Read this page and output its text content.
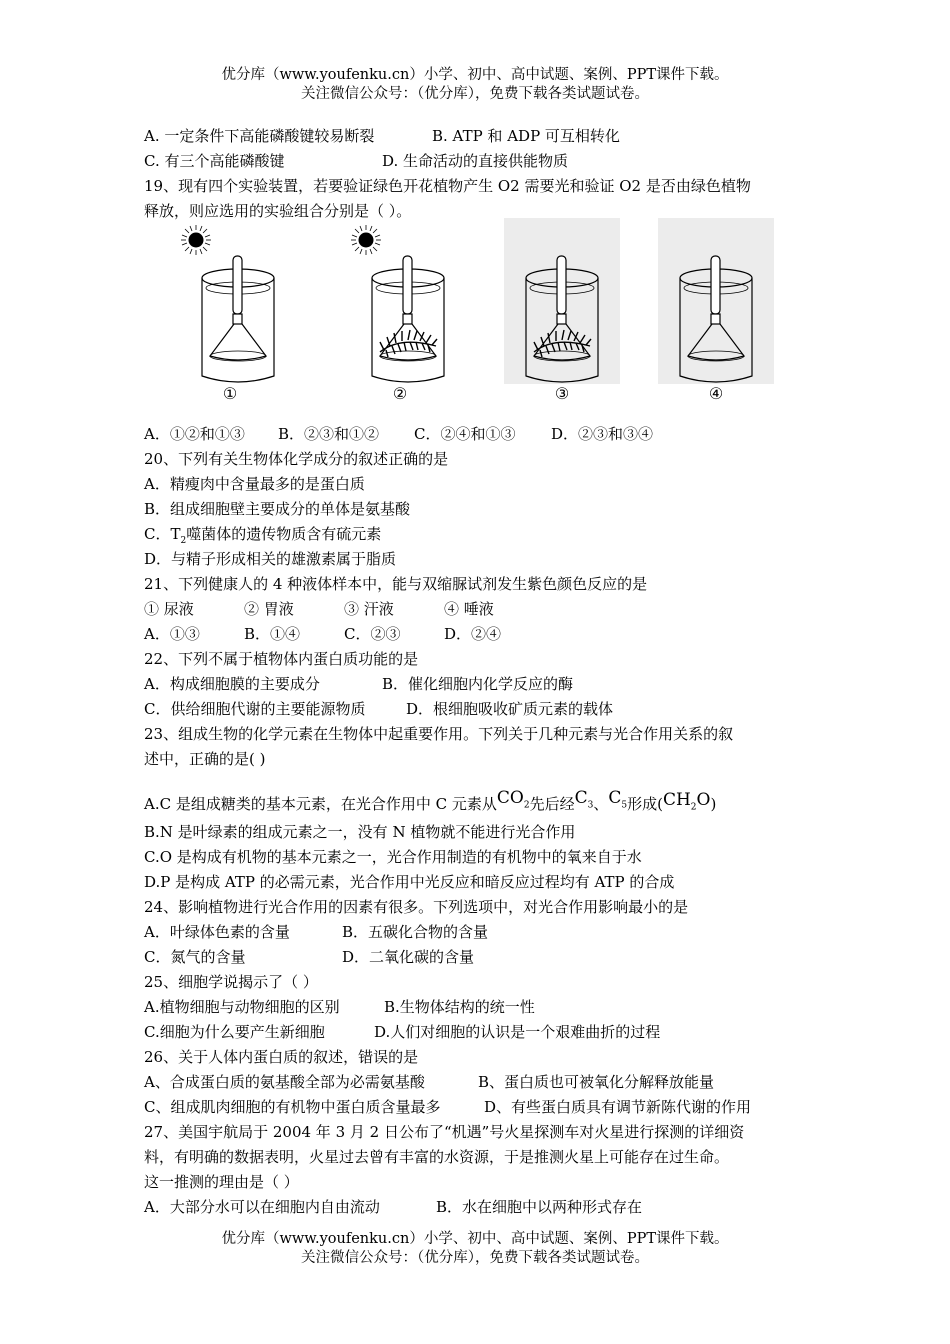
优分库（www.youfenku.cn）小学、初中、高中试题、案例、PPT课件下载。
关注微信公众号：（优分库），免费下载各类试题试卷。
A. 一定条件下高能磷酸键较易断裂	B. ATP 和 ADP 可互相转化
C. 有三个高能磷酸键	D. 生命活动的直接供能物质
19、现有四个实验装置，若要验证绿色开花植物产生 O2 需要光和验证 O2 是否由绿色植物
释放，则应选用的实验组合分别是（ ）。
A．①②和①③ B．②③和①② C．②④和①③ D．②③和③④
20、下列有关生物体化学成分的叙述正确的是
A．精瘦肉中含量最多的是蛋白质
B．组成细胞壁主要成分的单体是氨基酸
C．$T_2$噬菌体的遗传物质含有硫元素
D．与精子形成相关的雄激素属于脂质
21、下列健康人的 4 种液体样本中，能与双缩脲试剂发生紫色颜色反应的是
① 尿液	② 胃液	③ 汗液	④ 唾液
A．①③	B．①④	C．②③	D．②④
22、下列不属于植物体内蛋白质功能的是
A．构成细胞膜的主要成分	B．催化细胞内化学反应的酶
C．供给细胞代谢的主要能源物质	D．根细胞吸收矿质元素的载体
23、组成生物的化学元素在生物体中起重要作用。下列关于几种元素与光合作用关系的叙
述中，正确的是( )
A.C 是组成糖类的基本元素，在光合作用中 C 元素从$CO_2$先后经$C_3$、$C_5$形成$(CH_2O)$
B.N 是叶绿素的组成元素之一，没有 N 植物就不能进行光合作用
C.O 是构成有机物的基本元素之一，光合作用制造的有机物中的氧来自于水
D.P 是构成 ATP 的必需元素，光合作用中光反应和暗反应过程均有 ATP 的合成
24、影响植物进行光合作用的因素有很多。下列选项中，对光合作用影响最小的是
A．叶绿体色素的含量	B．五碳化合物的含量
C．氮气的含量	D．二氧化碳的含量
25、细胞学说揭示了（ ）
A.植物细胞与动物细胞的区别	B.生物体结构的统一性
C.细胞为什么要产生新细胞	D.人们对细胞的认识是一个艰难曲折的过程
26、关于人体内蛋白质的叙述，错误的是
A、合成蛋白质的氨基酸全部为必需氨基酸	B、蛋白质也可被氧化分解释放能量
C、组成肌肉细胞的有机物中蛋白质含量最多	D、有些蛋白质具有调节新陈代谢的作用
27、美国宇航局于 2004 年 3 月 2 日公布了“机遇”号火星探测车对火星进行探测的详细资
料，有明确的数据表明，火星过去曾有丰富的水资源，于是推测火星上可能存在过生命。
这一推测的理由是（ ）
A．大部分水可以在细胞内自由流动	B．水在细胞中以两种形式存在
①	②	③	④
优分库（www.youfenku.cn）小学、初中、高中试题、案例、PPT课件下载。
关注微信公众号：（优分库），免费下载各类试题试卷。
